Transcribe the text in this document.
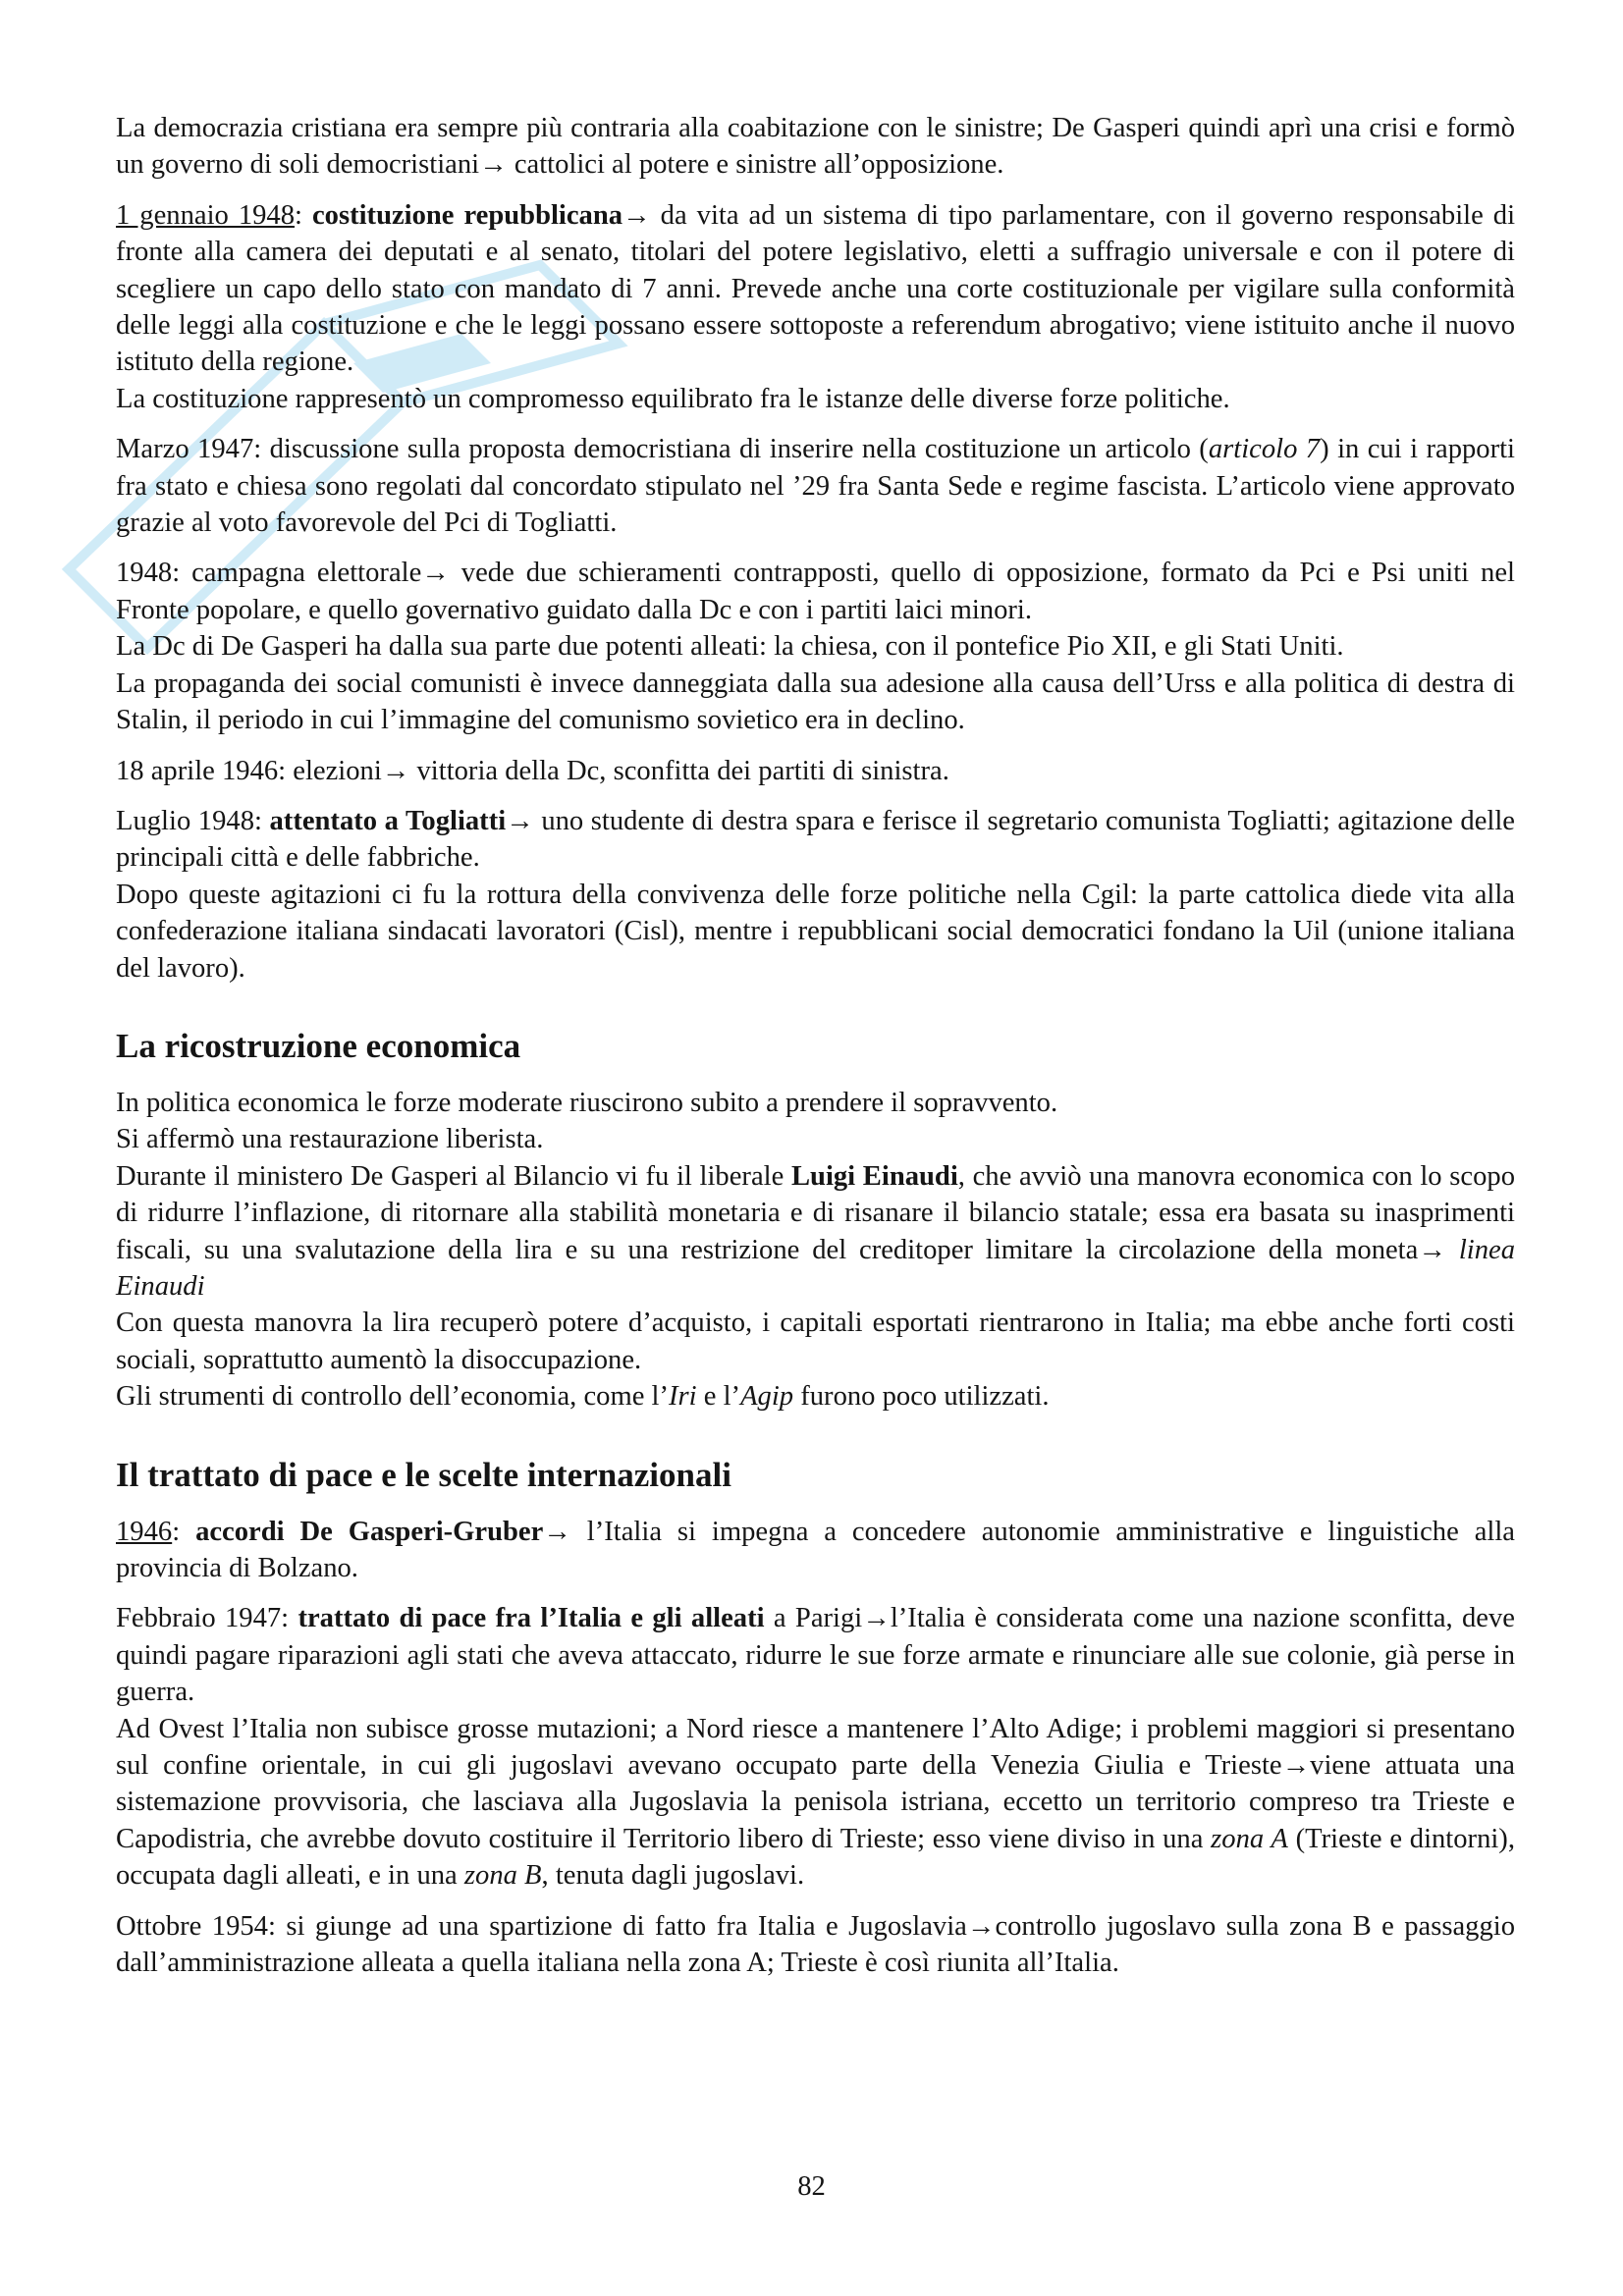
La democrazia cristiana era sempre più contraria alla coabitazione con le sinistre; De Gasperi quindi aprì una crisi e formò un governo di soli democristiani→ cattolici al potere e sinistre all’opposizione.

1 gennaio 1948: costituzione repubblicana→ da vita ad un sistema di tipo parlamentare, con il governo responsabile di fronte alla camera dei deputati e al senato, titolari del potere legislativo, eletti a suffragio universale e con il potere di scegliere un capo dello stato con mandato di 7 anni. Prevede anche una corte costituzionale per vigilare sulla conformità delle leggi alla costituzione e che le leggi possano essere sottoposte a referendum abrogativo; viene istituito anche il nuovo istituto della regione.

La costituzione rappresentò un compromesso equilibrato fra le istanze delle diverse forze politiche.

Marzo 1947: discussione sulla proposta democristiana di inserire nella costituzione un articolo (articolo 7) in cui i rapporti fra stato e chiesa sono regolati dal concordato stipulato nel ’29 fra Santa Sede e regime fascista. L’articolo viene approvato grazie al voto favorevole del Pci di Togliatti.

1948: campagna elettorale→ vede due schieramenti contrapposti, quello di opposizione, formato da Pci e Psi uniti nel Fronte popolare, e quello governativo guidato dalla Dc e con i partiti laici minori.

La Dc di De Gasperi ha dalla sua parte due potenti alleati: la chiesa, con il pontefice Pio XII, e gli Stati Uniti.

La propaganda dei social comunisti è invece danneggiata dalla sua adesione alla causa dell’Urss e alla politica di destra di Stalin, il periodo in cui l’immagine del comunismo sovietico era in declino.

18 aprile 1946: elezioni→ vittoria della Dc, sconfitta dei partiti di sinistra.

Luglio 1948: attentato a Togliatti→ uno studente di destra spara e ferisce il segretario comunista Togliatti; agitazione delle principali città e delle fabbriche.

Dopo queste agitazioni ci fu la rottura della convivenza delle forze politiche nella Cgil: la parte cattolica diede vita alla confederazione italiana sindacati lavoratori (Cisl), mentre i repubblicani social democratici fondano la Uil (unione italiana del lavoro).

La ricostruzione economica

In politica economica le forze moderate riuscirono subito a prendere il sopravvento.

Si affermò una restaurazione liberista.

Durante il ministero De Gasperi al Bilancio vi fu il liberale Luigi Einaudi, che avviò una manovra economica con lo scopo di ridurre l’inflazione, di ritornare alla stabilità monetaria e di risanare il bilancio statale; essa era basata su inasprimenti fiscali, su una svalutazione della lira e su una restrizione del creditoper limitare la circolazione della moneta→ linea Einaudi

Con questa manovra la lira recuperò potere d’acquisto, i capitali esportati rientrarono in Italia; ma ebbe anche forti costi sociali, soprattutto aumentò la disoccupazione.

Gli strumenti di controllo dell’economia, come l’Iri e l’Agip furono poco utilizzati.

Il trattato di pace e le scelte internazionali

1946: accordi De Gasperi-Gruber→ l’Italia si impegna a concedere autonomie amministrative e linguistiche alla provincia di Bolzano.

Febbraio 1947: trattato di pace fra l’Italia e gli alleati a Parigi→l’Italia è considerata come una nazione sconfitta, deve quindi pagare riparazioni agli stati che aveva attaccato, ridurre le sue forze armate e rinunciare alle sue colonie, già perse in guerra.

Ad Ovest l’Italia non subisce grosse mutazioni; a Nord riesce a mantenere l’Alto Adige; i problemi maggiori si presentano sul confine orientale, in cui gli jugoslavi avevano occupato parte della Venezia Giulia e Trieste→viene attuata una sistemazione provvisoria, che lasciava alla Jugoslavia la penisola istriana, eccetto un territorio compreso tra Trieste e Capodistria, che avrebbe dovuto costituire il Territorio libero di Trieste; esso viene diviso in una zona A (Trieste e dintorni), occupata dagli alleati, e in una zona B, tenuta dagli jugoslavi.

Ottobre 1954: si giunge ad una spartizione di fatto fra Italia e Jugoslavia→controllo jugoslavo sulla zona B e passaggio dall’amministrazione alleata a quella italiana nella zona A; Trieste è così riunita all’Italia.

82
